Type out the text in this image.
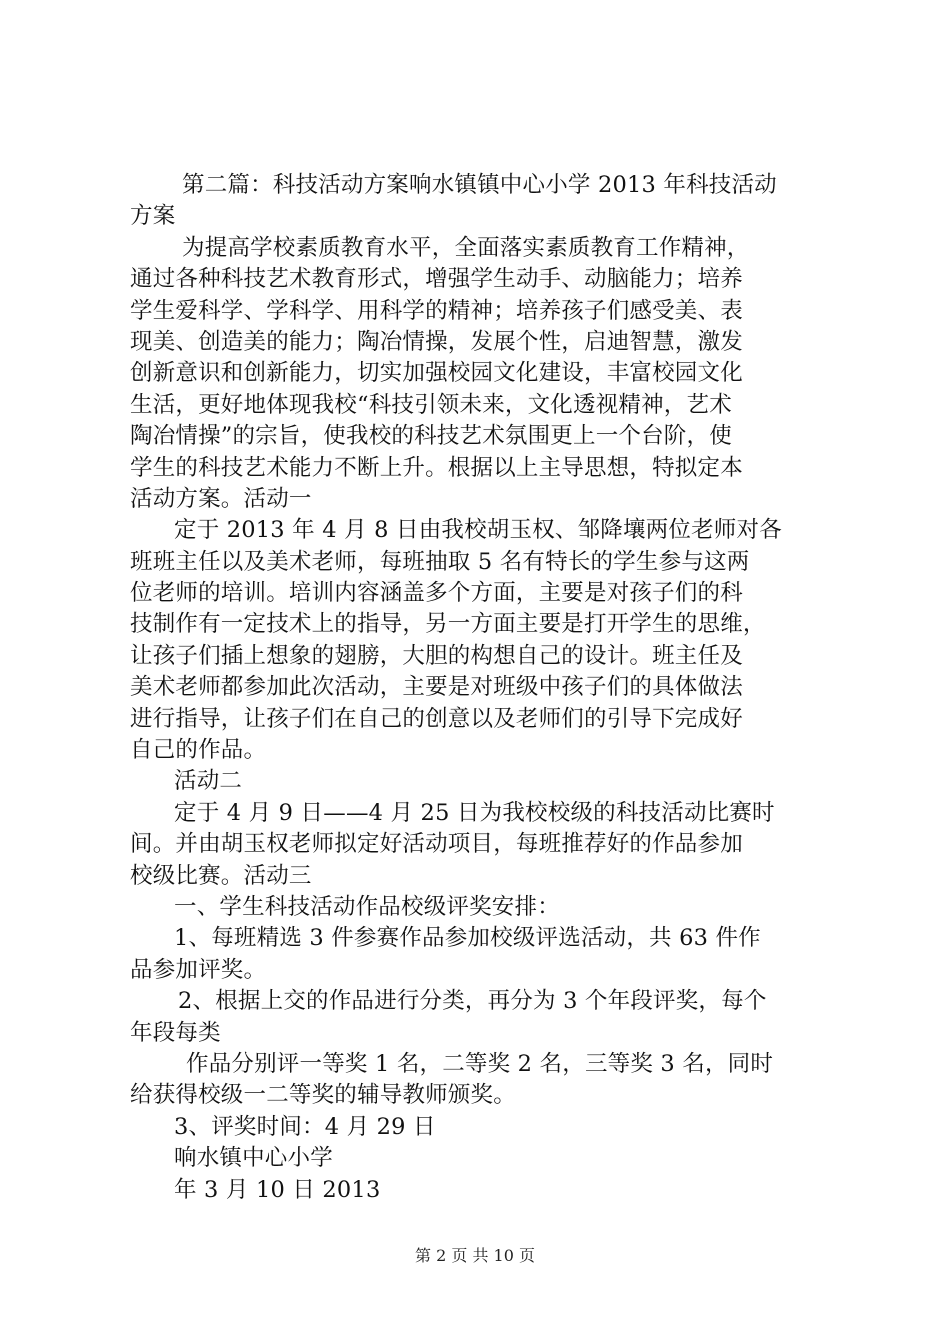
第二篇：科技活动方案响水镇镇中心小学 2013 年科技活动
方案
为提高学校素质教育水平，全面落实素质教育工作精神，
通过各种科技艺术教育形式，增强学生动手、动脑能力；培养
学生爱科学、学科学、用科学的精神；培养孩子们感受美、表
现美、创造美的能力；陶冶情操，发展个性，启迪智慧，激发
创新意识和创新能力，切实加强校园文化建设，丰富校园文化
生活，更好地体现我校“科技引领未来，文化透视精神，艺术
陶冶情操”的宗旨，使我校的科技艺术氛围更上一个台阶，使
学生的科技艺术能力不断上升。根据以上主导思想，特拟定本
活动方案。活动一
定于 2013 年 4 月 8 日由我校胡玉权、邹降壤两位老师对各
班班主任以及美术老师，每班抽取 5 名有特长的学生参与这两
位老师的培训。培训内容涵盖多个方面，主要是对孩子们的科
技制作有一定技术上的指导，另一方面主要是打开学生的思维，
让孩子们插上想象的翅膀，大胆的构想自己的设计。班主任及
美术老师都参加此次活动，主要是对班级中孩子们的具体做法
进行指导，让孩子们在自己的创意以及老师们的引导下完成好
自己的作品。
活动二
定于 4 月 9 日——4 月 25 日为我校校级的科技活动比赛时
间。并由胡玉权老师拟定好活动项目，每班推荐好的作品参加
校级比赛。活动三
一、学生科技活动作品校级评奖安排：
1、每班精选 3 件参赛作品参加校级评选活动，共 63 件作
品参加评奖。
2、根据上交的作品进行分类，再分为 3 个年段评奖，每个
年段每类
作品分别评一等奖 1 名，二等奖 2 名，三等奖 3 名，同时
给获得校级一二等奖的辅导教师颁奖。
3、评奖时间：4 月 29 日
响水镇中心小学
年 3 月 10 日 2013
第 2 页 共 10 页
